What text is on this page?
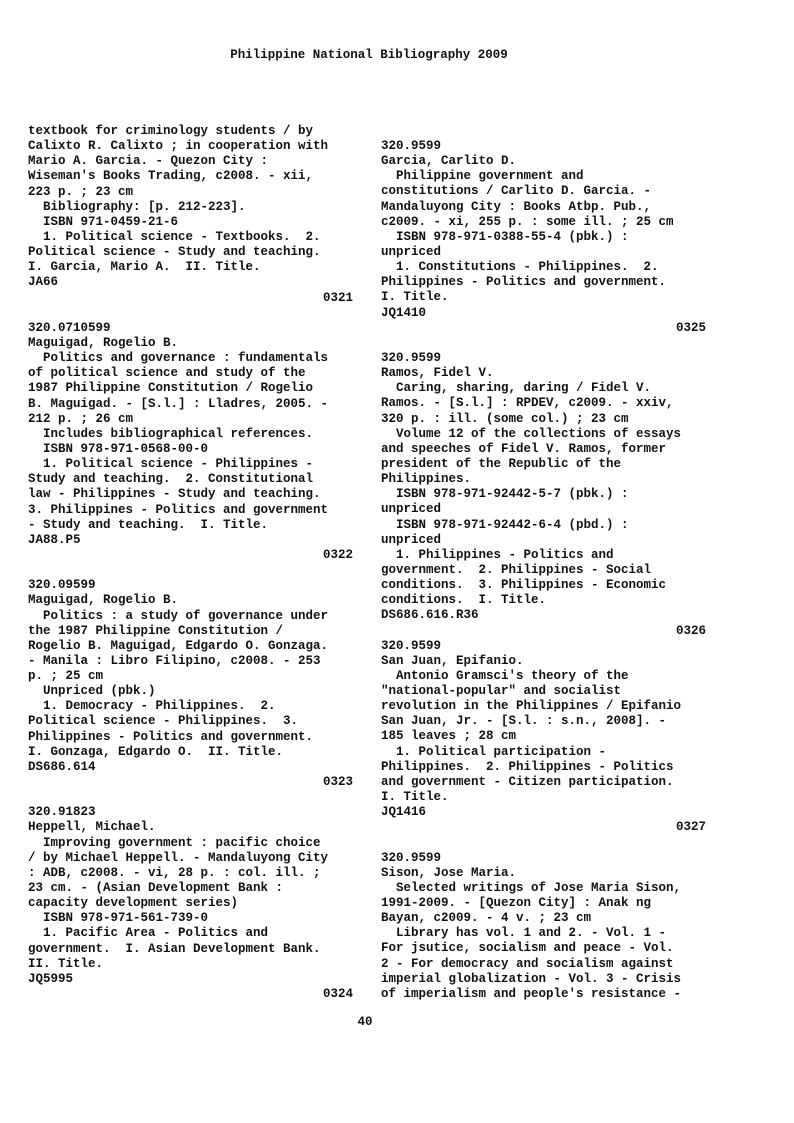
Philippine National Bibliography 2009
textbook for criminology students / by
Calixto R. Calixto ; in cooperation with
Mario A. Garcia. - Quezon City :
Wiseman's Books Trading, c2008. - xii,
223 p. ; 23 cm
Bibliography: [p. 212-223].
ISBN 971-0459-21-6
1. Political science - Textbooks.  2.
Political science - Study and teaching.
I. Garcia, Mario A.  II. Title.
JA66
0321
320.0710599
Maguigad, Rogelio B.
Politics and governance : fundamentals
of political science and study of the
1987 Philippine Constitution / Rogelio
B. Maguigad. - [S.l.] : Lladres, 2005. -
212 p. ; 26 cm
Includes bibliographical references.
ISBN 978-971-0568-00-0
1. Political science - Philippines -
Study and teaching.  2. Constitutional
law - Philippines - Study and teaching.
3. Philippines - Politics and government
- Study and teaching.  I. Title.
JA88.P5
0322
320.09599
Maguigad, Rogelio B.
Politics : a study of governance under
the 1987 Philippine Constitution /
Rogelio B. Maguigad, Edgardo O. Gonzaga.
- Manila : Libro Filipino, c2008. - 253
p. ; 25 cm
Unpriced (pbk.)
1. Democracy - Philippines.  2.
Political science - Philippines.  3.
Philippines - Politics and government.
I. Gonzaga, Edgardo O.  II. Title.
DS686.614
0323
320.91823
Heppell, Michael.
Improving government : pacific choice
/ by Michael Heppell. - Mandaluyong City
: ADB, c2008. - vi, 28 p. : col. ill. ;
23 cm. - (Asian Development Bank :
capacity development series)
ISBN 978-971-561-739-0
1. Pacific Area - Politics and
government.  I. Asian Development Bank.
II. Title.
JQ5995
0324
320.9599
Garcia, Carlito D.
Philippine government and
constitutions / Carlito D. Garcia. -
Mandaluyong City : Books Atbp. Pub.,
c2009. - xi, 255 p. : some ill. ; 25 cm
ISBN 978-971-0388-55-4 (pbk.) :
unpriced
1. Constitutions - Philippines.  2.
Philippines - Politics and government.
I. Title.
JQ1410
0325
320.9599
Ramos, Fidel V.
Caring, sharing, daring / Fidel V.
Ramos. - [S.l.] : RPDEV, c2009. - xxiv,
320 p. : ill. (some col.) ; 23 cm
Volume 12 of the collections of essays
and speeches of Fidel V. Ramos, former
president of the Republic of the
Philippines.
ISBN 978-971-92442-5-7 (pbk.) :
unpriced
ISBN 978-971-92442-6-4 (pbd.) :
unpriced
1. Philippines - Politics and
government.  2. Philippines - Social
conditions.  3. Philippines - Economic
conditions.  I. Title.
DS686.616.R36
0326
320.9599
San Juan, Epifanio.
Antonio Gramsci's theory of the
"national-popular" and socialist
revolution in the Philippines / Epifanio
San Juan, Jr. - [S.l. : s.n., 2008]. -
185 leaves ; 28 cm
1. Political participation -
Philippines.  2. Philippines - Politics
and government - Citizen participation.
I. Title.
JQ1416
0327
320.9599
Sison, Jose Maria.
Selected writings of Jose Maria Sison,
1991-2009. - [Quezon City] : Anak ng
Bayan, c2009. - 4 v. ; 23 cm
Library has vol. 1 and 2. - Vol. 1 -
For jsutice, socialism and peace - Vol.
2 - For democracy and socialism against
imperial globalization - Vol. 3 - Crisis
of imperialism and people's resistance -
40
